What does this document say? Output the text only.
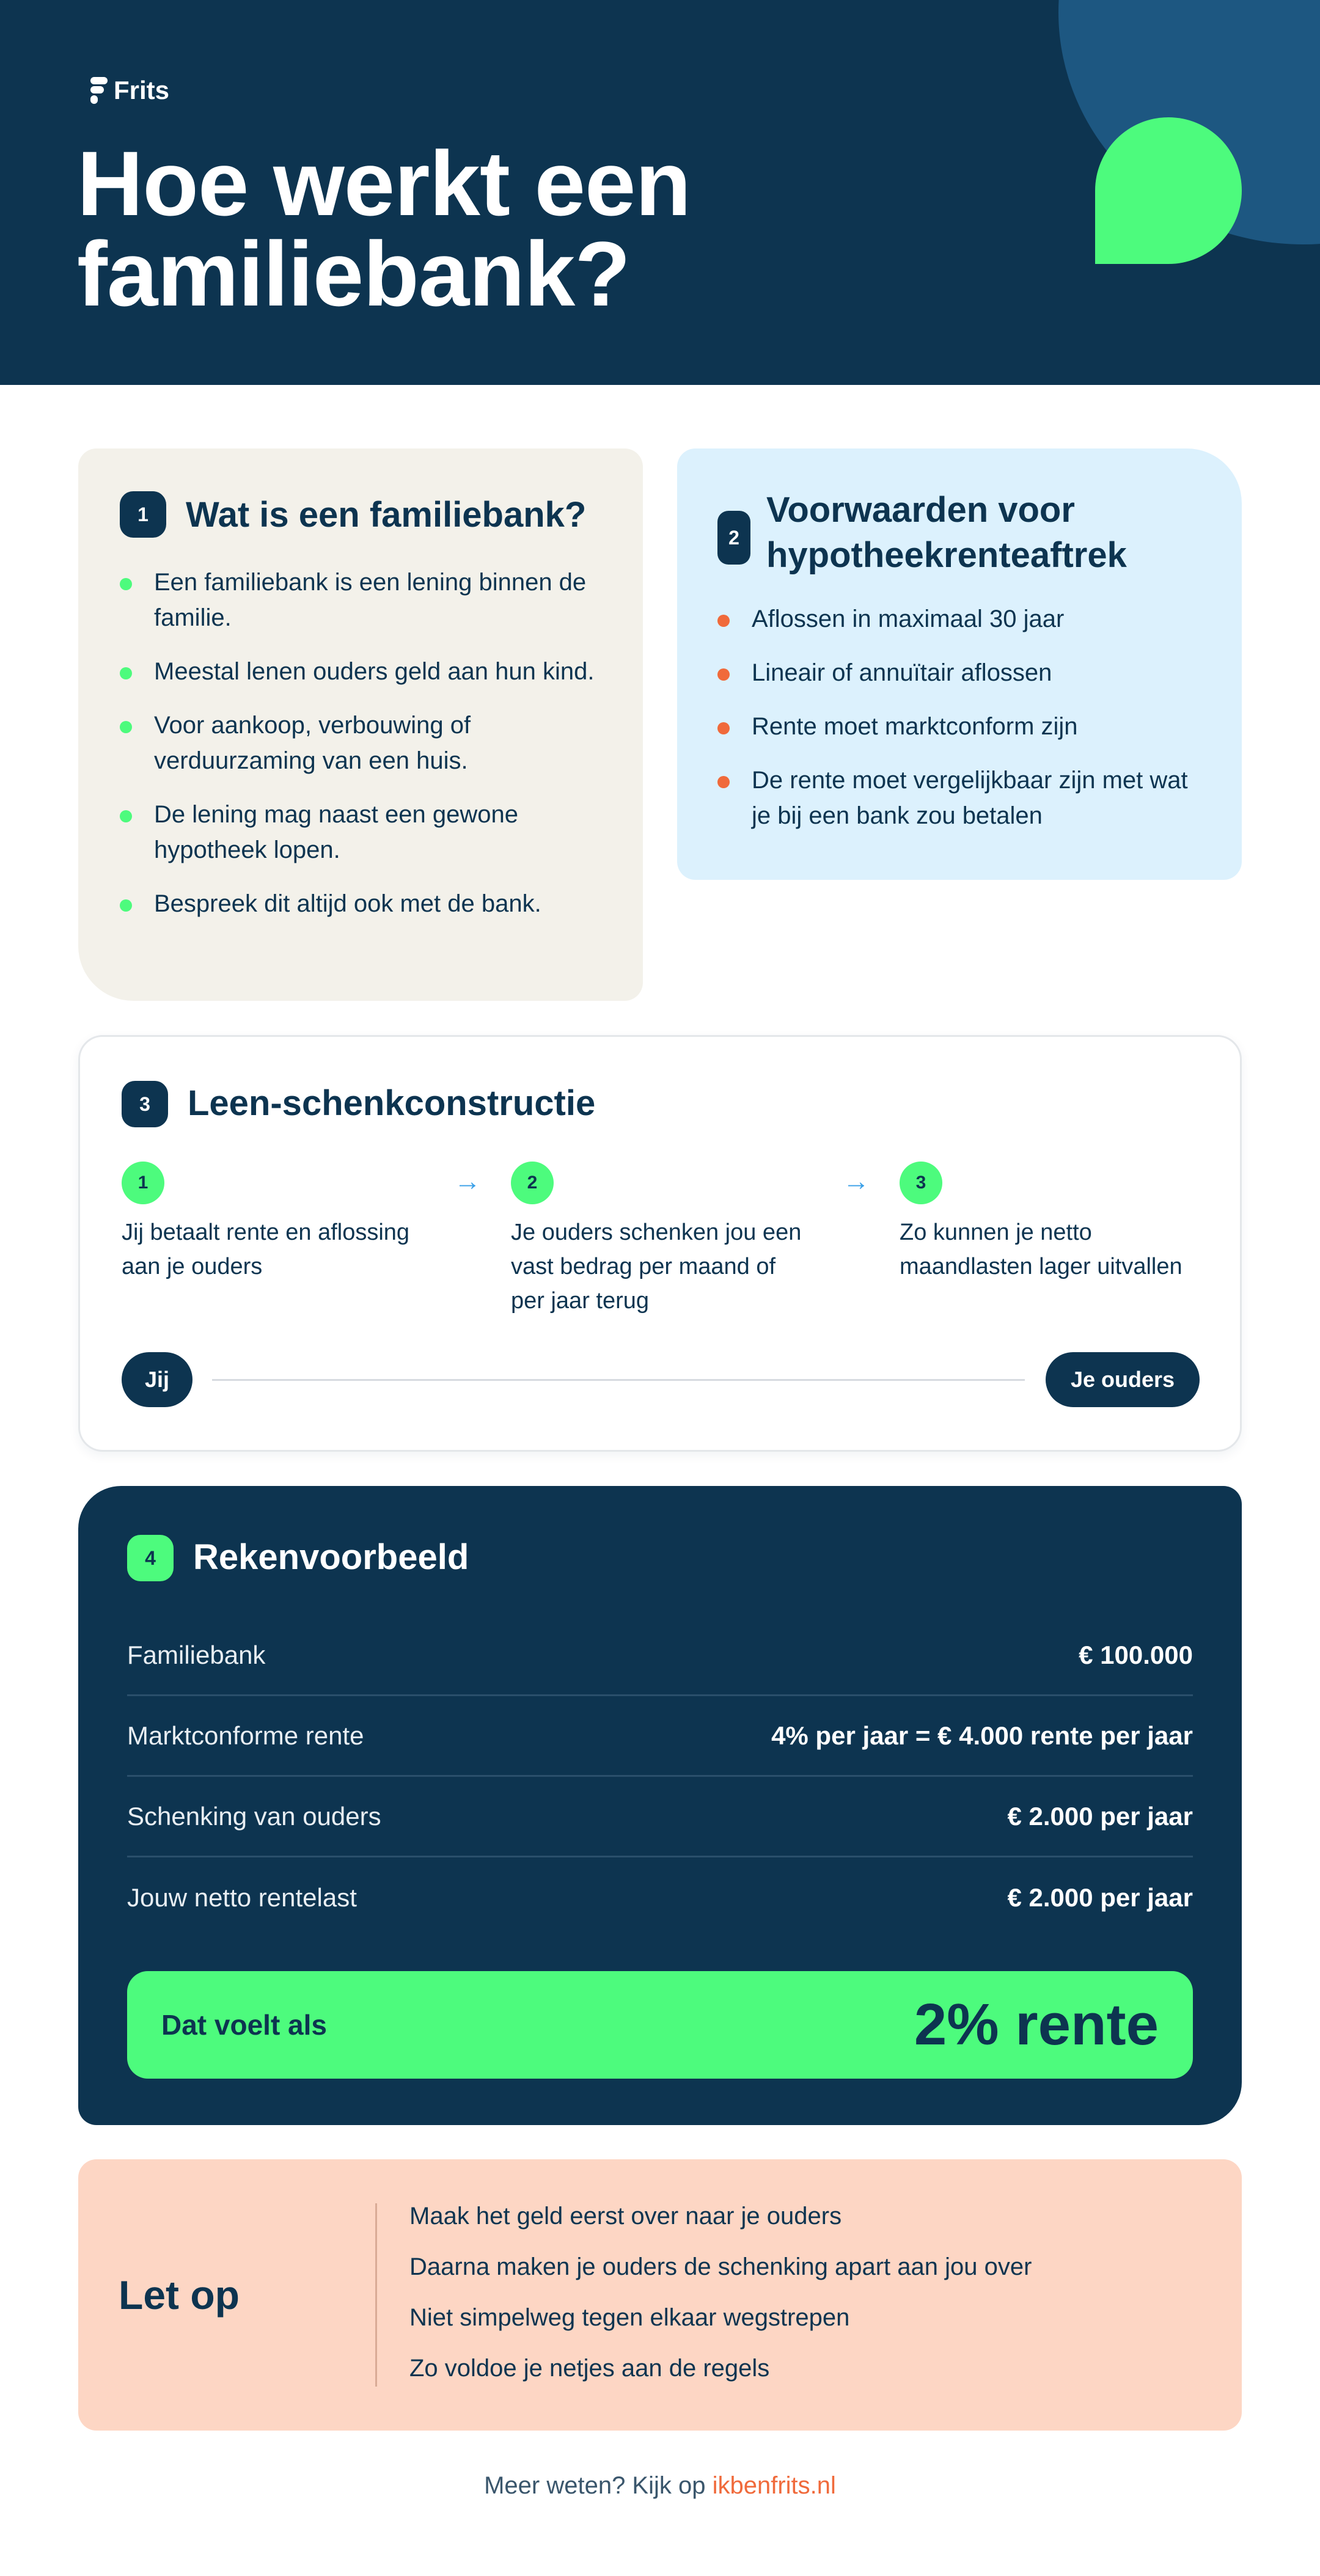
Frits
Hoe werkt een
familiebank?
1	Wat is een familiebank?
Een familiebank is een lening binnen de familie.
Meestal lenen ouders geld aan hun kind.
Voor aankoop, verbouwing of verduurzaming van een huis.
De lening mag naast een gewone hypotheek lopen.
Bespreek dit altijd ook met de bank.
2
Voorwaarden voor
hypotheekrenteaftrek
Aflossen in maximaal 30 jaar
Lineair of annuïtair aflossen
Rente moet marktconform zijn
De rente moet vergelijkbaar zijn met wat je bij een bank zou betalen
3	Leen-schenkconstructie
1
Jij betaalt rente en aflossing aan je ouders
→	2
Je ouders schenken jou een vast bedrag per maand of per jaar terug
→	3
Zo kunnen je netto maandlasten lager uitvallen
Jij	Je ouders
4	Rekenvoorbeeld
Familiebank	€ 100.000
Marktconforme rente	4% per jaar = € 4.000 rente per jaar
Schenking van ouders	€ 2.000 per jaar
Jouw netto rentelast	€ 2.000 per jaar
Dat voelt als	2% rente
Let op
Maak het geld eerst over naar je ouders
Daarna maken je ouders de schenking apart aan jou over
Niet simpelweg tegen elkaar wegstrepen
Zo voldoe je netjes aan de regels
Meer weten? Kijk op ikbenfrits.nl
